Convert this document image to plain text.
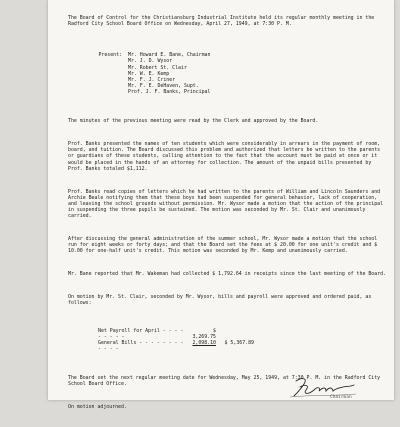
The Board of Control for the Christiansburg Industrial Institute held its regular monthly meeting in the Radford City School Board Office on Wednesday, April 27, 1949, at 7:30 P. M.

Present:	Mr. Howard E. Bane, Chairman
Mr. J. D. Wysor
Mr. Robert St. Clair
Mr. W. E. Kemp
Mr. F. J. Criner
Mr. F. E. DeHaven, Supt.
Prof. J. F. Banks, Principal

The minutes of the previous meeting were read by the Clerk and approved by the Board.

Prof. Banks presented the names of ten students which were considerably in arrears in the payment of room, board, and tuition. The Board discussed this problem and authorized that letters be written to the parents or guardians of these students, calling attention to the fact that the account must be paid at once or it would be placed in the hands of an attorney for collection. The amount of the unpaid bills presented by Prof. Banks totaled $1,112.

Prof. Banks read copies of letters which he had written to the parents of William and Lincoln Saunders and Archie Beale notifying them that these boys had been suspended for general behavior, lack of cooperation, and leaving the school grounds without permission. Mr. Wysor made a motion that the action of the principal in suspending the three pupils be sustained. The motion was seconded by Mr. St. Clair and unanimously carried.

After discussing the general administration of the summer school, Mr. Wysor made a motion that the school run for eight weeks or forty days; and that the Board set the fees at $ 20.00 for one unit's credit and $ 10.00 for one-half unit's credit. This motion was seconded by Mr. Kemp and unanimously carried.

Mr. Bane reported that Mr. Wakeman had collected $ 1,792.64 in receipts since the last meeting of the Board.

On motion by Mr. St. Clair, seconded by Mr. Wysor, bills and payroll were approved and ordered paid, as follows:

Net Payroll for April - - - - - - - - -
$ 3,269.75
General Bills - - - - - - - - - - - -
2,098.10	$ 5,367.89

The Board set the next regular meeting date for Wednesday, May 25, 1949, at 7:30 P. M. in the Radford City School Board Office.

On motion adjourned.

Chairman
